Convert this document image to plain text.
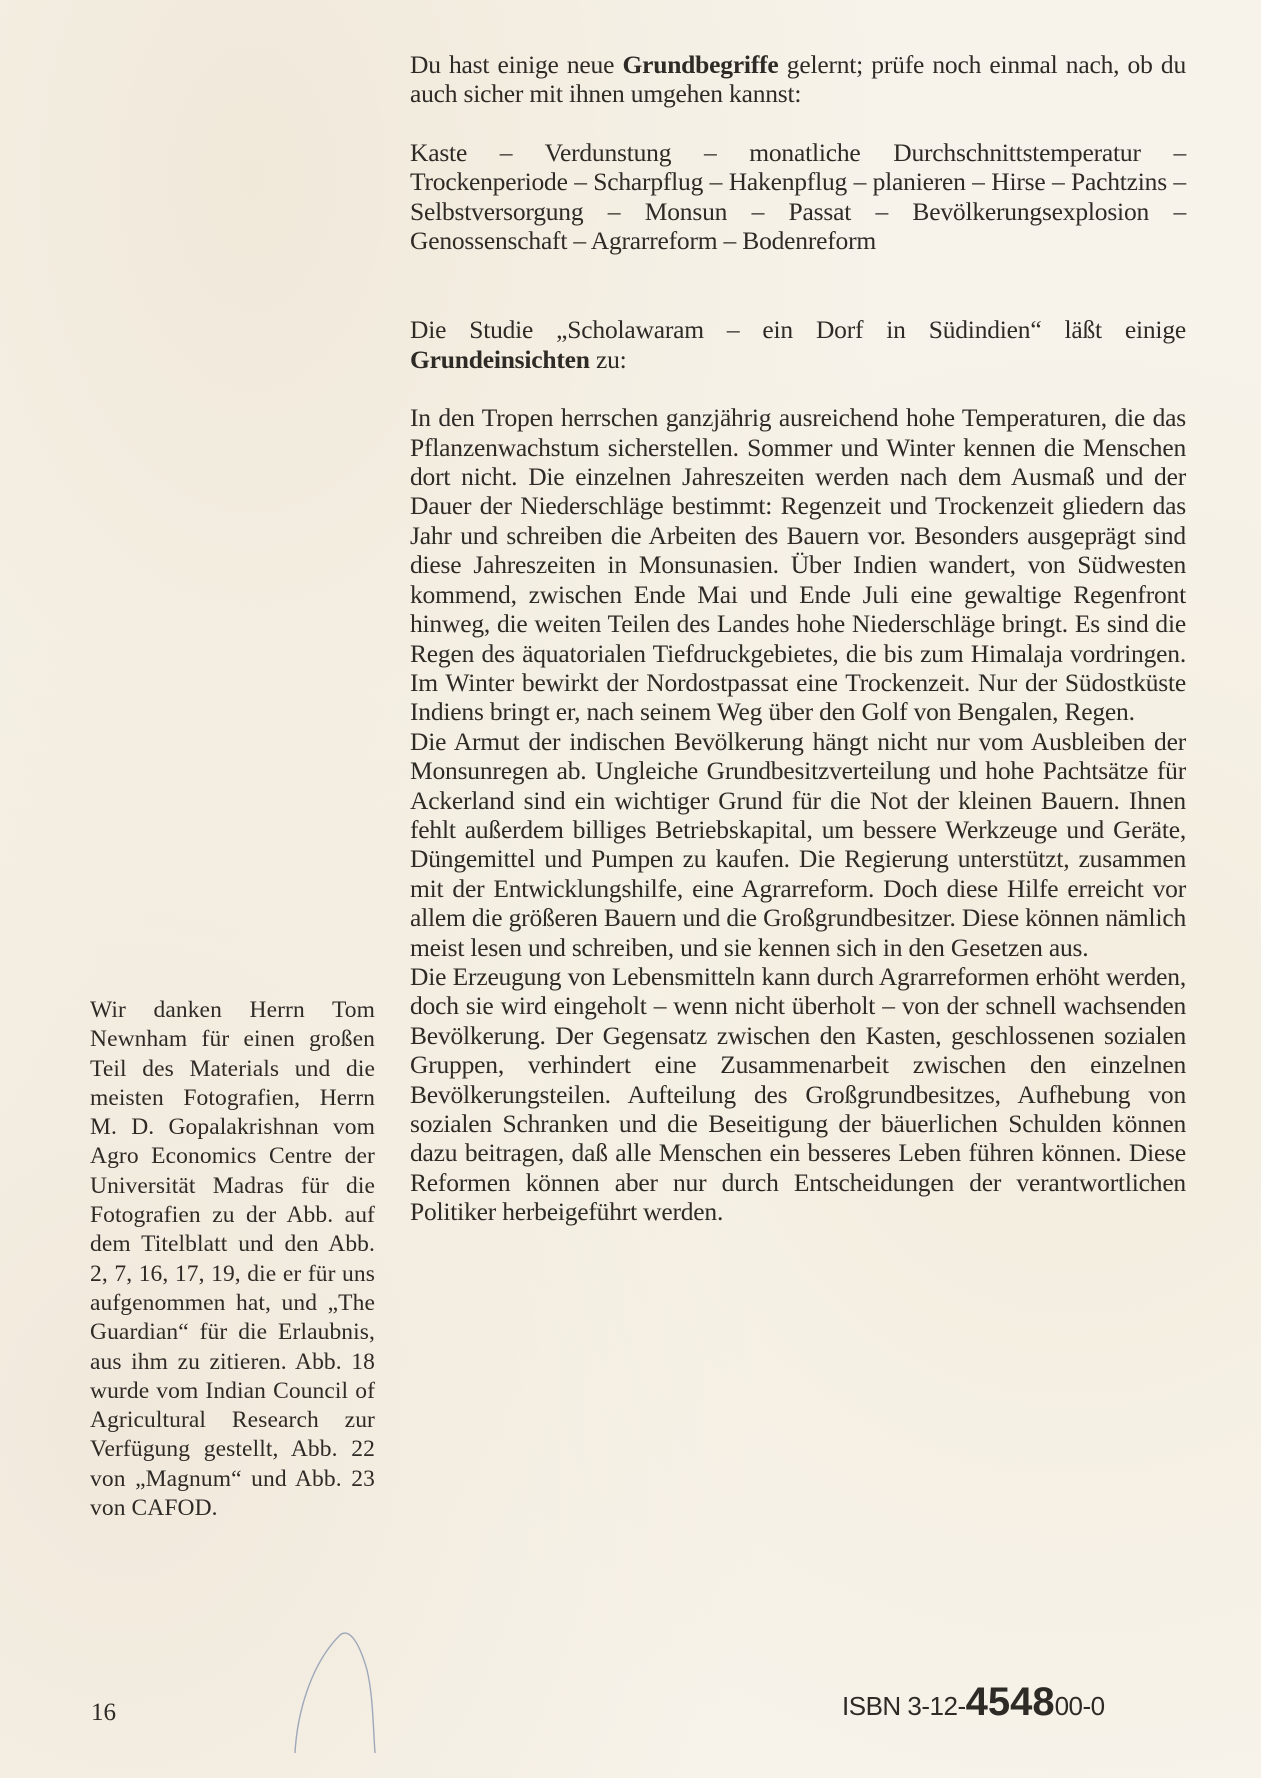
Du hast einige neue Grundbegriffe gelernt; prüfe noch einmal nach, ob du auch sicher mit ihnen umgehen kannst:

Kaste – Verdunstung – monatliche Durchschnittstemperatur – Trockenperiode – Scharpflug – Hakenpflug – planieren – Hirse – Pachtzins – Selbstversorgung – Monsun – Passat – Bevölkerungsexplosion – Genossenschaft – Agrarreform – Bodenreform

Die Studie „Scholawaram – ein Dorf in Südindien“ läßt einige Grundeinsichten zu:

In den Tropen herrschen ganzjährig ausreichend hohe Temperaturen, die das Pflanzenwachstum sicherstellen. Sommer und Winter kennen die Menschen dort nicht. Die einzelnen Jahreszeiten werden nach dem Ausmaß und der Dauer der Niederschläge bestimmt: Regenzeit und Trockenzeit gliedern das Jahr und schreiben die Arbeiten des Bauern vor. Besonders ausgeprägt sind diese Jahreszeiten in Monsunasien. Über Indien wandert, von Südwesten kommend, zwischen Ende Mai und Ende Juli eine gewaltige Regenfront hinweg, die weiten Teilen des Landes hohe Niederschläge bringt. Es sind die Regen des äquatorialen Tiefdruckgebietes, die bis zum Himalaja vordringen. Im Winter bewirkt der Nordostpassat eine Trockenzeit. Nur der Südostküste Indiens bringt er, nach seinem Weg über den Golf von Bengalen, Regen.

Die Armut der indischen Bevölkerung hängt nicht nur vom Ausbleiben der Monsunregen ab. Ungleiche Grundbesitzverteilung und hohe Pachtsätze für Ackerland sind ein wichtiger Grund für die Not der kleinen Bauern. Ihnen fehlt außerdem billiges Betriebskapital, um bessere Werkzeuge und Geräte, Düngemittel und Pumpen zu kaufen. Die Regierung unterstützt, zusammen mit der Entwicklungshilfe, eine Agrarreform. Doch diese Hilfe erreicht vor allem die größeren Bauern und die Großgrundbesitzer. Diese können nämlich meist lesen und schreiben, und sie kennen sich in den Gesetzen aus.

Die Erzeugung von Lebensmitteln kann durch Agrarreformen erhöht werden, doch sie wird eingeholt – wenn nicht überholt – von der schnell wachsenden Bevölkerung. Der Gegensatz zwischen den Kasten, geschlossenen sozialen Gruppen, verhindert eine Zusammenarbeit zwischen den einzelnen Bevölkerungsteilen. Aufteilung des Großgrundbesitzes, Aufhebung von sozialen Schranken und die Beseitigung der bäuerlichen Schulden können dazu beitragen, daß alle Menschen ein besseres Leben führen können. Diese Reformen können aber nur durch Entscheidungen der verantwortlichen Politiker herbeigeführt werden.

Wir danken Herrn Tom Newnham für einen großen Teil des Materials und die meisten Fotografien, Herrn M. D. Gopalakrishnan vom Agro Economics Centre der Universität Madras für die Fotografien zu der Abb. auf dem Titelblatt und den Abb. 2, 7, 16, 17, 19, die er für uns aufgenommen hat, und „The Guardian“ für die Erlaubnis, aus ihm zu zitieren. Abb. 18 wurde vom Indian Council of Agricultural Research zur Verfügung gestellt, Abb. 22 von „Magnum“ und Abb. 23 von CAFOD.

16	ISBN 3-12-454800-0
